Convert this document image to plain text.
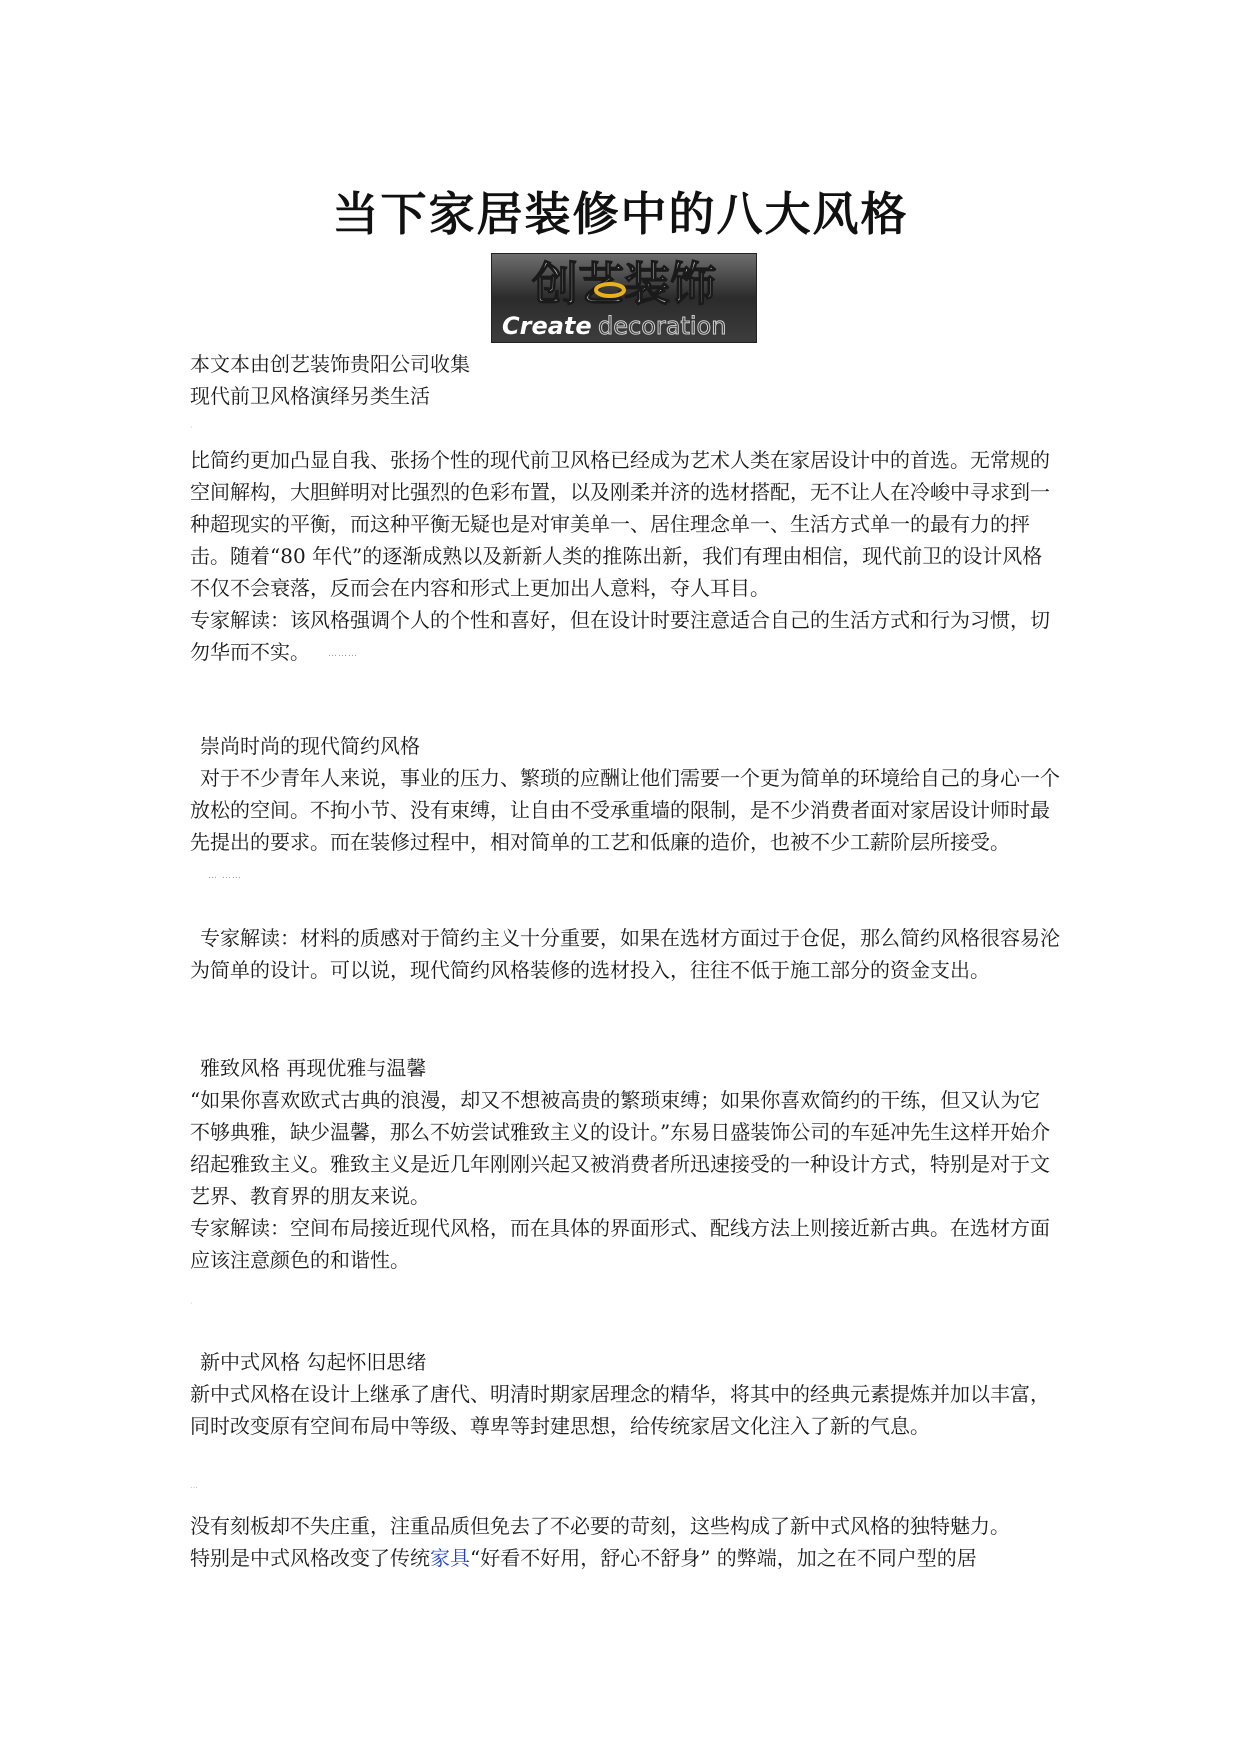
当下家居装修中的八大风格
创艺装饰
Create decoration

本文本由创艺装饰贵阳公司收集

现代前卫风格演绎另类生活

·

比简约更加凸显自我、张扬个性的现代前卫风格已经成为艺术人类在家居设计中的首选。无常规的空间解构，大胆鲜明对比强烈的色彩布置，以及刚柔并济的选材搭配，无不让人在冷峻中寻求到一种超现实的平衡，而这种平衡无疑也是对审美单一、居住理念单一、生活方式单一的最有力的抨击。随着“80 年代”的逐渐成熟以及新新人类的推陈出新，我们有理由相信，现代前卫的设计风格不仅不会衰落，反而会在内容和形式上更加出人意料，夺人耳目。

专家解读：该风格强调个人的个性和喜好，但在设计时要注意适合自己的生活方式和行为习惯，切勿华而不实。 ………

崇尚时尚的现代简约风格

对于不少青年人来说，事业的压力、繁琐的应酬让他们需要一个更为简单的环境给自己的身心一个放松的空间。不拘小节、没有束缚，让自由不受承重墙的限制，是不少消费者面对家居设计师时最先提出的要求。而在装修过程中，相对简单的工艺和低廉的造价，也被不少工薪阶层所接受。… ……

专家解读：材料的质感对于简约主义十分重要，如果在选材方面过于仓促，那么简约风格很容易沦为简单的设计。可以说，现代简约风格装修的选材投入，往往不低于施工部分的资金支出。

雅致风格 再现优雅与温馨

“如果你喜欢欧式古典的浪漫，却又不想被高贵的繁琐束缚；如果你喜欢简约的干练，但又认为它不够典雅，缺少温馨，那么不妨尝试雅致主义的设计。”东易日盛装饰公司的车延冲先生这样开始介绍起雅致主义。雅致主义是近几年刚刚兴起又被消费者所迅速接受的一种设计方式，特别是对于文艺界、教育界的朋友来说。

专家解读：空间布局接近现代风格，而在具体的界面形式、配线方法上则接近新古典。在选材方面应该注意颜色的和谐性。

·

新中式风格 勾起怀旧思绪

新中式风格在设计上继承了唐代、明清时期家居理念的精华，将其中的经典元素提炼并加以丰富，同时改变原有空间布局中等级、尊卑等封建思想，给传统家居文化注入了新的气息。

…

没有刻板却不失庄重，注重品质但免去了不必要的苛刻，这些构成了新中式风格的独特魅力。

特别是中式风格改变了传统家具“好看不好用，舒心不舒身” 的弊端，加之在不同户型的居
